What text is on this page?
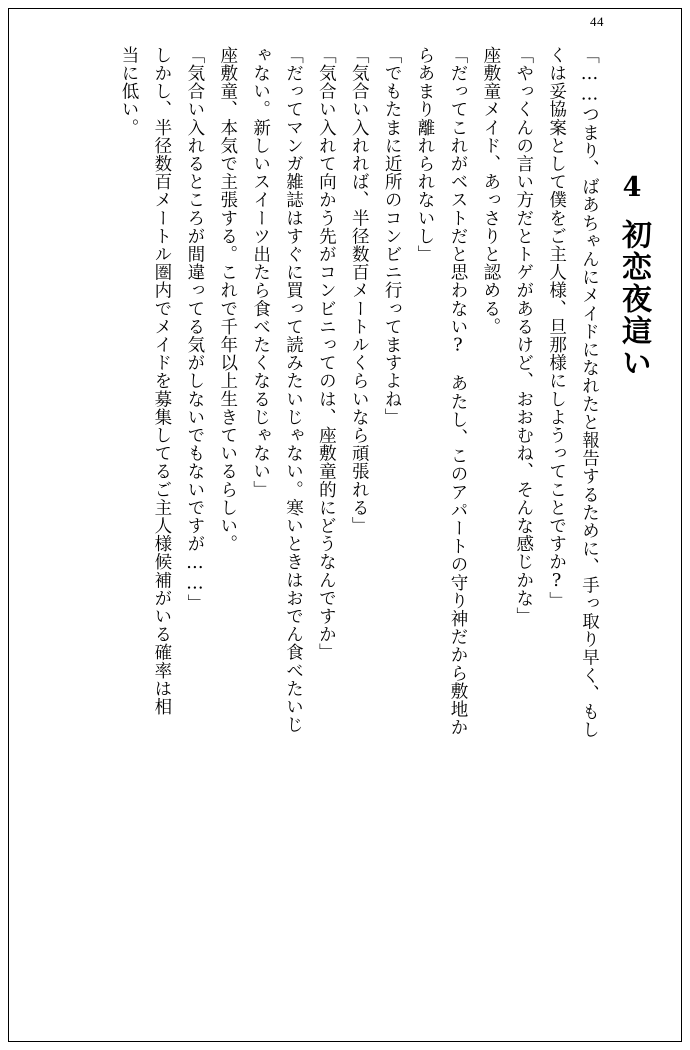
44
4初恋夜這い
「……つまり、ばあちゃんにメイドになれたと報告するために、手っ取り早く、もし
くは妥協案として僕をご主人様、旦那様にしようってことですか?」
「やっくんの言い方だとトゲがあるけど、おおむね、そんな感じかな」
座敷童メイド、あっさりと認める。
「だってこれがベストだと思わない?　あたし、このアパートの守り神だから敷地か
らあまり離れられないし」
「でもたまに近所のコンビニ行ってますよね」
「気合い入れれば、半径数百メートルくらいなら頑張れる」
「気合い入れて向かう先がコンビニってのは、座敷童的にどうなんですか」
「だってマンガ雑誌はすぐに買って読みたいじゃない。寒いときはおでん食べたいじ
ゃない。新しいスイーツ出たら食べたくなるじゃない」
座敷童、本気で主張する。これで千年以上生きているらしい。
「気合い入れるところが間違ってる気がしないでもないですが……」
しかし、半径数百メートル圏内でメイドを募集してるご主人様候補がいる確率は相
当に低い。
